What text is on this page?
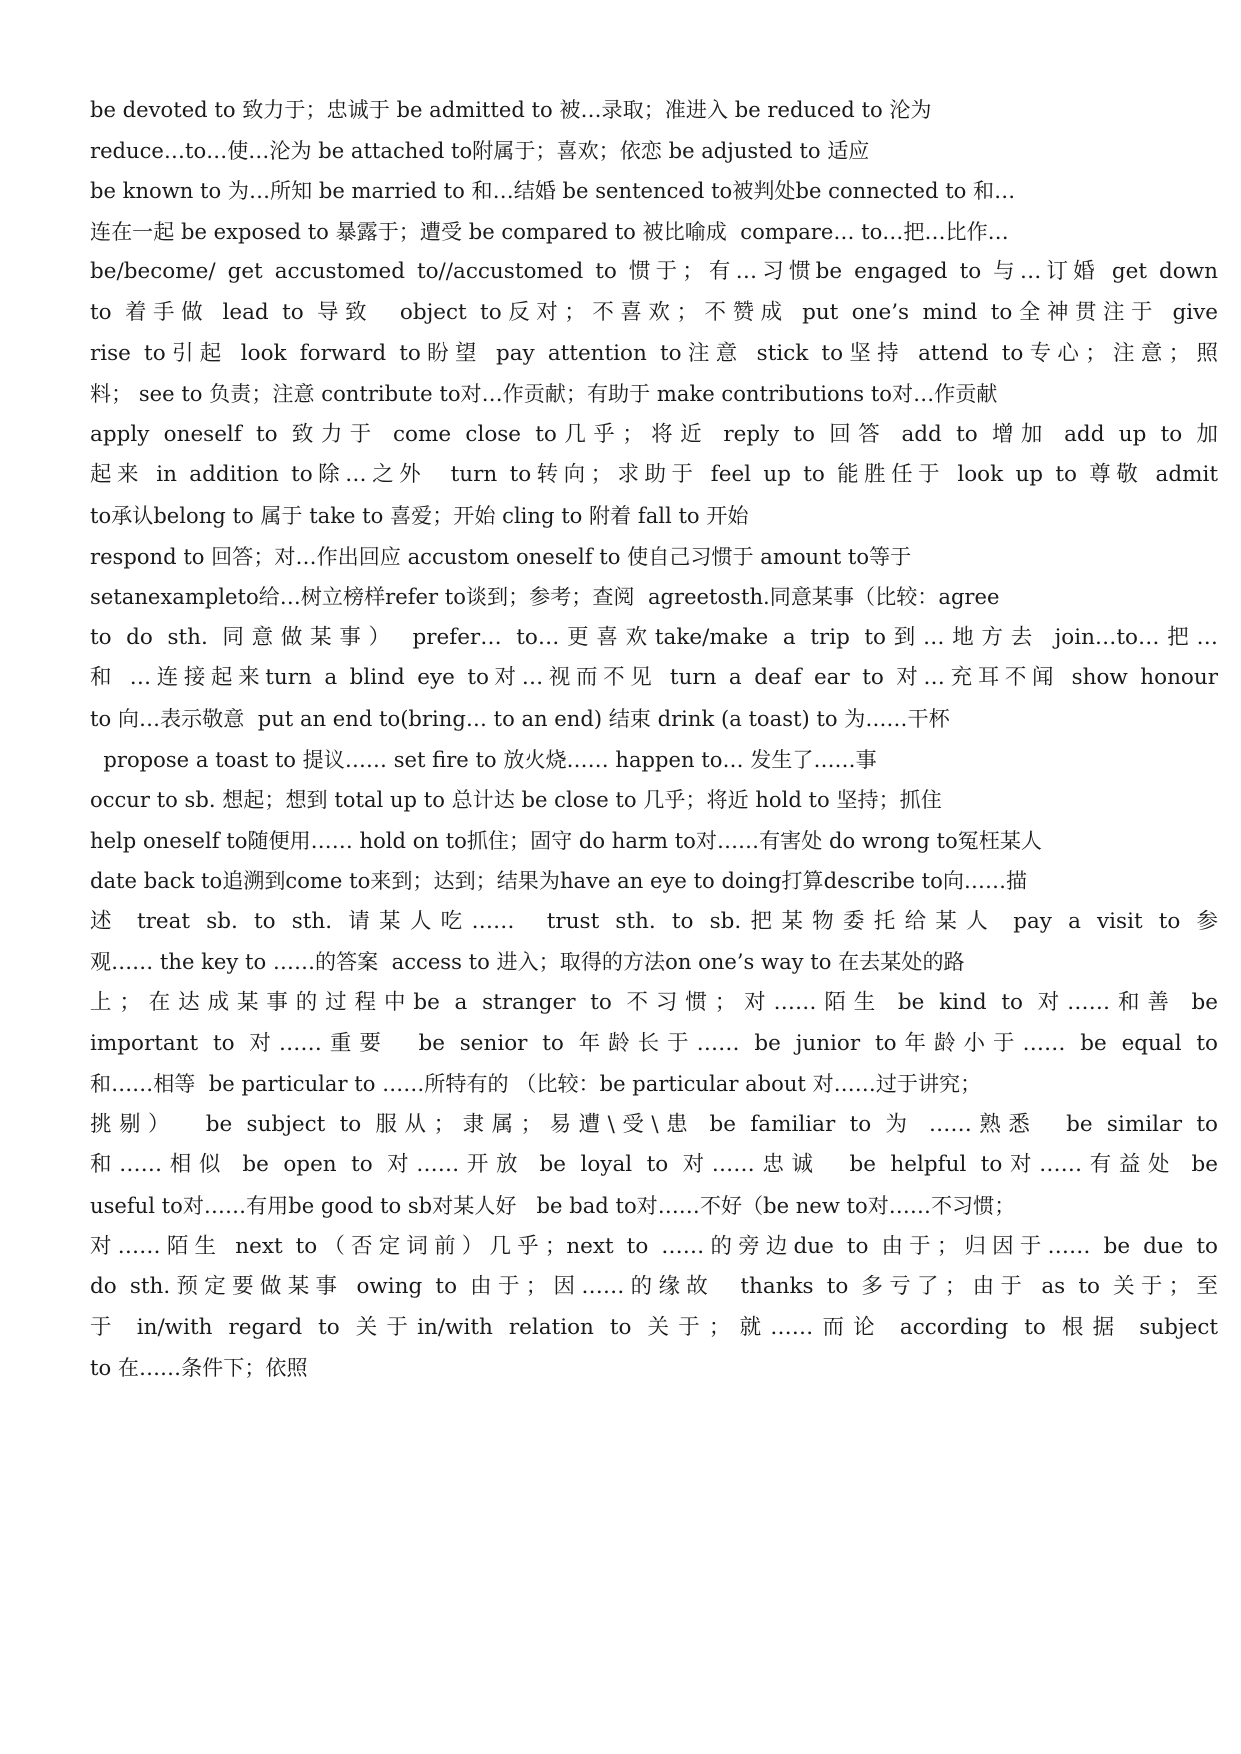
be devoted to 致力于；忠诚于 be admitted to 被…录取；准进入 be reduced to 沦为
reduce…to…使…沦为 be attached to附属于；喜欢；依恋 be adjusted to 适应
be known to 为…所知 be married to 和…结婚 be sentenced to被判处be connected to 和…
连在一起 be exposed to 暴露于；遭受 be compared to 被比喻成  compare… to…把…比作…
be/become/ get accustomed to//accustomed to 惯于；有…习惯be engaged to 与…订婚 get down
to 着手做 lead to 导致  object to反对；不喜欢；不赞成 put one’s mind to全神贯注于 give
rise to引起 look forward to盼望 pay attention to注意 stick to坚持 attend to专心；注意；照
料； see to 负责；注意 contribute to对…作贡献；有助于 make contributions to对…作贡献
apply oneself to 致力于 come close to几乎；将近 reply to 回答 add to 增加 add up to 加
起来 in addition to除…之外  turn to转向；求助于 feel up to 能胜任于 look up to 尊敬 admit
to承认belong to 属于 take to 喜爱；开始 cling to 附着 fall to 开始
respond to 回答；对…作出回应 accustom oneself to 使自己习惯于 amount to等于
setanexampleto给…树立榜样refer to谈到；参考；查阅  agreetosth.同意某事（比较：agree
to do sth. 同意做某事） prefer… to…更喜欢take/make a trip to到…地方去 join…to…把…
和 …连接起来turn a blind eye to对…视而不见 turn a deaf ear to 对…充耳不闻 show honour
to 向…表示敬意  put an end to(bring… to an end) 结束 drink (a toast) to 为……干杯
propose a toast to 提议…… set fire to 放火烧…… happen to… 发生了……事
occur to sb. 想起；想到 total up to 总计达 be close to 几乎；将近 hold to 坚持；抓住
help oneself to随便用…… hold on to抓住；固守 do harm to对……有害处 do wrong to冤枉某人
date back to追溯到come to来到；达到；结果为have an eye to doing打算describe to向……描
述 treat sb. to sth. 请某人吃……  trust sth. to sb.把某物委托给某人 pay a visit to 参
观…… the key to ……的答案  access to 进入；取得的方法on one’s way to 在去某处的路
上；在达成某事的过程中be a stranger to 不习惯；对……陌生 be kind to 对……和善 be
important to 对……重要  be senior to 年龄长于…… be junior to年龄小于…… be equal to
和……相等  be particular to ……所特有的 （比较：be particular about 对……过于讲究；
挑剔）  be subject to 服从；隶属；易遭\受\患 be familiar to 为 ……熟悉  be similar to
和……相似 be open to 对……开放 be loyal to 对……忠诚  be helpful to对……有益处 be
useful to对……有用be good to sb对某人好   be bad to对……不好（be new to对……不习惯；
对……陌生 next to（否定词前）几乎；next to ……的旁边due to 由于；归因于…… be due to
do sth.预定要做某事 owing to 由于；因……的缘故  thanks to 多亏了；由于 as to 关于；至
于 in/with regard to 关于in/with relation to 关于；就……而论 according to 根据 subject
to 在……条件下；依照
